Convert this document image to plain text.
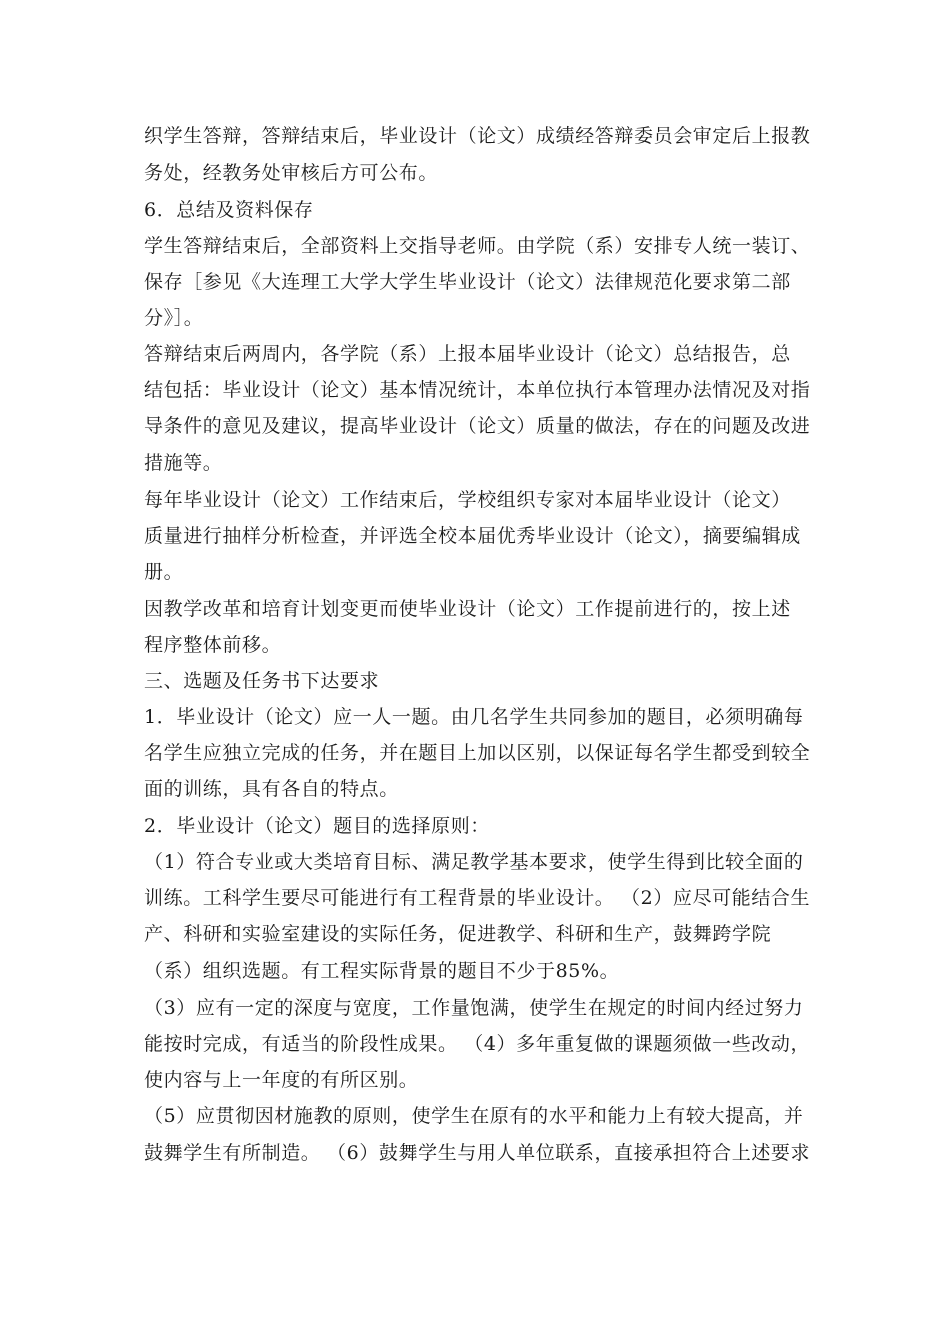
织学生答辩，答辩结束后，毕业设计（论文）成绩经答辩委员会审定后上报教
务处，经教务处审核后方可公布。
6．总结及资料保存
学生答辩结束后，全部资料上交指导老师。由学院（系）安排专人统一装订、
保存［参见《大连理工大学大学生毕业设计（论文）法律规范化要求第二部
分》］。
答辩结束后两周内，各学院（系）上报本届毕业设计（论文）总结报告，总
结包括：毕业设计（论文）基本情况统计，本单位执行本管理办法情况及对指
导条件的意见及建议，提高毕业设计（论文）质量的做法，存在的问题及改进
措施等。
每年毕业设计（论文）工作结束后，学校组织专家对本届毕业设计（论文）
质量进行抽样分析检查，并评选全校本届优秀毕业设计（论文），摘要编辑成
册。
因教学改革和培育计划变更而使毕业设计（论文）工作提前进行的，按上述
程序整体前移。
三、选题及任务书下达要求
1．毕业设计（论文）应一人一题。由几名学生共同参加的题目，必须明确每
名学生应独立完成的任务，并在题目上加以区别，以保证每名学生都受到较全
面的训练，具有各自的特点。
2．毕业设计（论文）题目的选择原则：
（1）符合专业或大类培育目标、满足教学基本要求，使学生得到比较全面的
训练。工科学生要尽可能进行有工程背景的毕业设计。 （2）应尽可能结合生
产、科研和实验室建设的实际任务，促进教学、科研和生产，鼓舞跨学院
（系）组织选题。有工程实际背景的题目不少于85%。
（3）应有一定的深度与宽度，工作量饱满，使学生在规定的时间内经过努力
能按时完成，有适当的阶段性成果。 （4）多年重复做的课题须做一些改动，
使内容与上一年度的有所区别。
（5）应贯彻因材施教的原则，使学生在原有的水平和能力上有较大提高，并
鼓舞学生有所制造。 （6）鼓舞学生与用人单位联系，直接承担符合上述要求
